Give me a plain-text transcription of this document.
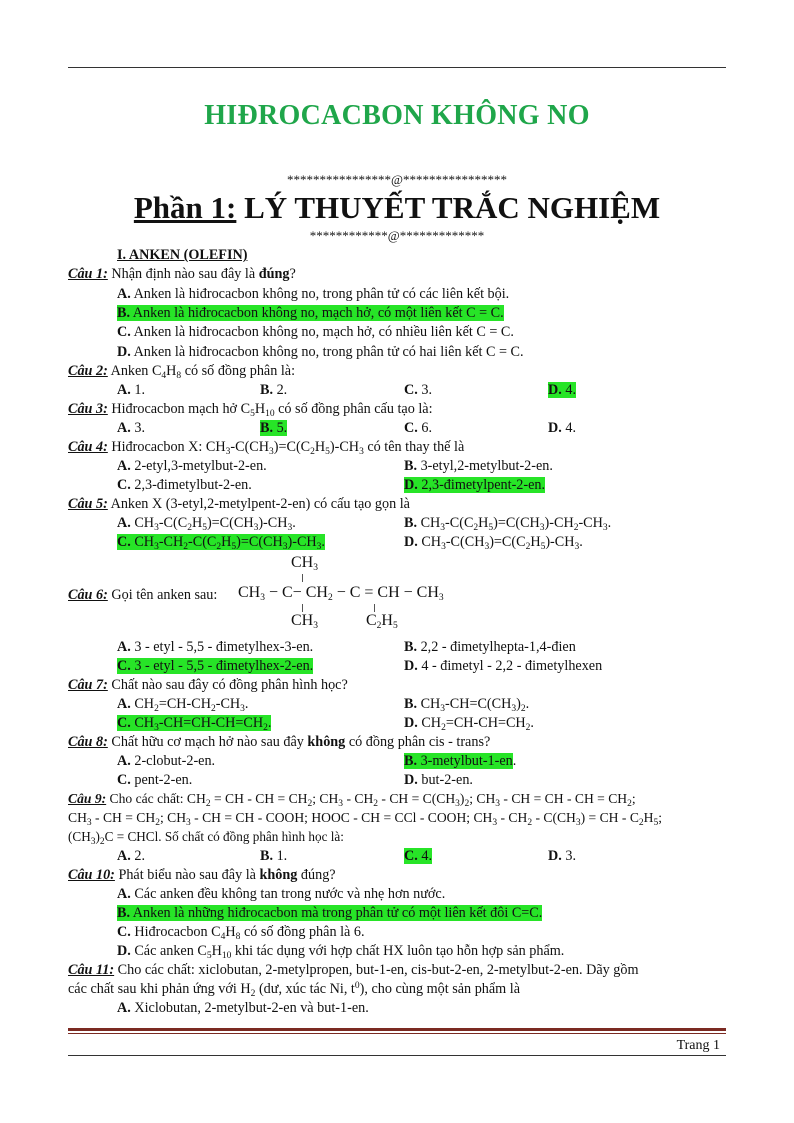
HIĐROCACBON KHÔNG NO
****************@****************
Phần 1: LÝ THUYẾT TRẮC NGHIỆM
************@*************
I. ANKEN (OLEFIN)
Câu 1: Nhận định nào sau đây là đúng?
A. Anken là hiđrocacbon không no, trong phân tử có các liên kết bội.
B. Anken là hiđrocacbon không no, mạch hở, có một liên kết C = C.
C. Anken là hiđrocacbon không no, mạch hở, có nhiều liên kết C = C.
D. Anken là hiđrocacbon không no, trong phân tử có hai liên kết C = C.
Câu 2: Anken $C_4H_8$ có số đồng phân là:
A. 1.	B. 2.	C. 3.	D. 4.
Câu 3: Hiđrocacbon mạch hở $C_5H_{10}$ có số đồng phân cấu tạo là:
A. 3.	B. 5.	C. 6.	D. 4.
Câu 4: Hiđrocacbon X: $CH_3-C(CH_3)=C(C_2H_5)-CH_3$ có tên thay thế là
A. 2-etyl,3-metylbut-2-en.	B. 3-etyl,2-metylbut-2-en.
C. 2,3-đimetylbut-2-en.	D. 2,3-đimetylpent-2-en.
Câu 5: Anken X (3-etyl,2-metylpent-2-en) có cấu tạo gọn là
A. $CH_3-C(C_2H_5)=C(CH_3)-CH_3$.	B. $CH_3-C(C_2H_5)=C(CH_3)-CH_2-CH_3$.
C. $CH_3-CH_2-C(C_2H_5)=C(CH_3)-CH_3$.	D. $CH_3-C(CH_3)=C(C_2H_5)-CH_3$.
Câu 6: Gọi tên anken sau:
$CH_3$
$CH_3 - C- CH_2 - C$ = CH − $CH_3$
$CH_3$	$C_2H_5$
A. 3 - etyl - 5,5 - đimetylhex-3-en.	B. 2,2 - đimetylhepta-1,4-đien
C. 3 - etyl - 5,5 - đimetylhex-2-en.	D. 4 - đimetyl - 2,2 - đimetylhexen
Câu 7: Chất nào sau đây có đồng phân hình học?
A. $CH_2=CH-CH_2-CH_3$.	B. $CH_3-CH=C(CH_3)_2$.
C. $CH_3-CH=CH-CH=CH_2$.	D. $CH_2=CH-CH=CH_2$.
Câu 8: Chất hữu cơ mạch hở nào sau đây không có đồng phân cis - trans?
A. 2-clobut-2-en.	B. 3-metylbut-1-en.
C. pent-2-en.	D. but-2-en.
Câu 9: Cho các chất: $CH_2$ = CH - CH = $CH_2$; $CH_3 - CH_2$ - CH = $C(CH_3)_2$; $CH_3$ - CH = CH - CH = $CH_2$;
$CH_3$ - CH = $CH_2$; $CH_3$ - CH = CH - COOH; HOOC - CH = CCl - COOH; $CH_3 - CH_2 - C(CH_3)$ = CH - $C_2H_5$;
$(CH_3)_2C$ = CHCl. Số chất có đồng phân hình học là:
A. 2.	B. 1.	C. 4.	D. 3.
Câu 10: Phát biểu nào sau đây là không đúng?
A. Các anken đều không tan trong nước và nhẹ hơn nước.
B. Anken là những hiđrocacbon mà trong phân tử có một liên kết đôi C=C.
C. Hiđrocacbon $C_4H_8$ có số đồng phân là 6.
D. Các anken $C_5H_{10}$ khi tác dụng với hợp chất HX luôn tạo hỗn hợp sản phẩm.
Câu 11: Cho các chất: xiclobutan, 2-metylpropen, but-1-en, cis-but-2-en, 2-metylbut-2-en. Dãy gồm
các chất sau khi phản ứng với $H_2$ (dư, xúc tác Ni, $t^0$), cho cùng một sản phẩm là
A. Xiclobutan, 2-metylbut-2-en và but-1-en.
Trang 1
